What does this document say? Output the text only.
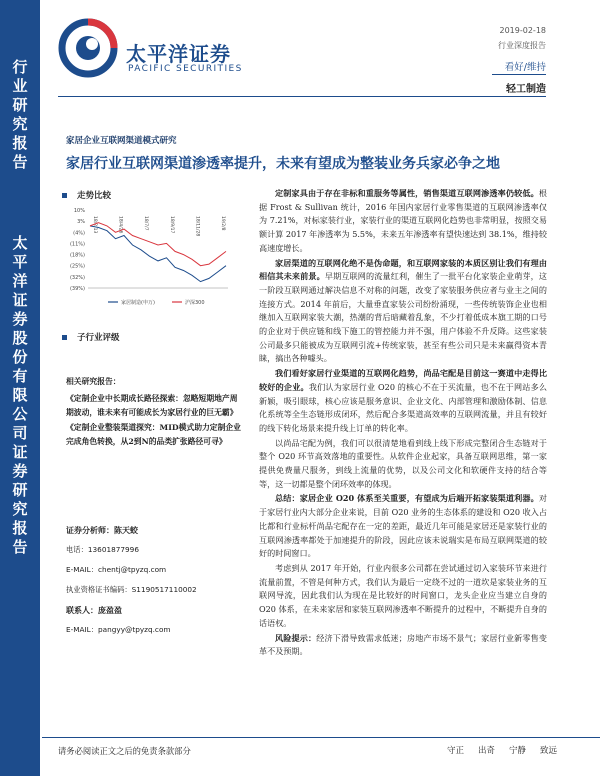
行业研究报告
太平洋证券股份有限公司证券研究报告
太平洋证券
PACIFIC SECURITIES
2019-02-18
行业深度报告
看好/维持
轻工制造
家居企业互联网渠道模式研究
家居行业互联网渠道渗透率提升，未来有望成为整装业务兵家必争之地
走势比较
10%
3%
(4%)
(11%)
(18%)
(25%)
(32%)
(39%)
18/2/13	18/4/26	18/7/7	18/9/17	18/11/28	19/2/8
家居制造(申万)	沪深300
子行业评级
相关研究报告：
《定制企业中长期成长路径探索：忽略短期地产周期波动，谁未来有可能成长为家居行业的巨无霸》
《定制企业整装渠道探究：MID模式助力定制企业完成角色转换，从2到N的品类扩张路径可寻》
证券分析师：陈天蛟
电话：13601877996
E-MAIL：chentj@tpyzq.com
执业资格证书编码：S1190517110002
联系人：庞盈盈
E-MAIL：pangyy@tpyzq.com

定制家具由于存在非标和重服务等属性，销售渠道互联网渗透率仍较低。根据 Frost & Sullivan 统计，2016 年国内家居行业零售渠道的互联网渗透率仅为 7.21%，对标家装行业，家装行业的渠道互联网化趋势也非常明显，按照交易额计算 2017 年渗透率为 5.5%，未来五年渗透率有望快速达到 38.1%，维持较高速度增长。

家居渠道的互联网化绝不是伪命题，和互联网家装的本质区别让我们有理由相信其未来前景。早期互联网的流量红利，催生了一批平台化家装企业萌芽，这一阶段互联网通过解决信息不对称的问题，改变了家装服务供应者与业主之间的连接方式。2014 年前后，大量垂直家装公司纷纷涌现，一些传统装饰企业也相继加入互联网家装大潮，热潮的背后暗藏着乱象，不少打着低成本旗工期的口号的企业对于供应链和线下施工的管控能力并不强，用户体验不升反降。这些家装公司最多只能被成为互联网引流+传统家装，甚至有些公司只是未来赢得资本青睐，搞出各种噱头。

我们看好家居行业渠道的互联网化趋势，尚品宅配是目前这一赛道中走得比较好的企业。我们认为家居行业 O20 的核心不在于买流量，也不在于网站多么新颖，吸引眼球，核心应该是服务意识、企业文化、内部管理和激励体制、信息化系统等全生态链形成闭环，然后配合多渠道高效率的互联网流量，并且有较好的线下转化场景来提升线上订单的转化率。

以尚品宅配为例，我们可以很清楚地看到线上线下形成完整闭合生态链对于整个 O20 环节高效落地的重要性。从软件企业起家，具备互联网思维，第一家提供免费量尺服务，到线上流量的优势，以及公司文化和软硬件支持的结合等等，这一切都是整个闭环效率的体现。

总结：家居企业 O20 体系至关重要，有望成为后端开拓家装渠道利器。对于家居行业内大部分企业来说，目前 O20 业务的生态体系的建设和 O20 收入占比都和行业标杆尚品宅配存在一定的差距，最近几年可能是家居还是家装行业的互联网渗透率都处于加速提升的阶段，因此应该未说瑞实是布局互联网渠道的较好的时间窗口。

考虑到从 2017 年开始，行业内很多公司都在尝试通过切入家装环节来进行流量前置，不管是何种方式，我们认为最后一定绕不过的一道坎是家装业务的互联网导流，因此我们认为现在是比较好的时间窗口，龙头企业应当建立自身的 O20 体系，在未来家居和家装互联网渗透率不断提升的过程中，不断提升自身的话语权。

风险提示：经济下滑导致需求低迷；房地产市场不景气；家居行业新零售变革不及预期。

请务必阅读正文之后的免责条款部分	守正 出奇 宁静 致远
